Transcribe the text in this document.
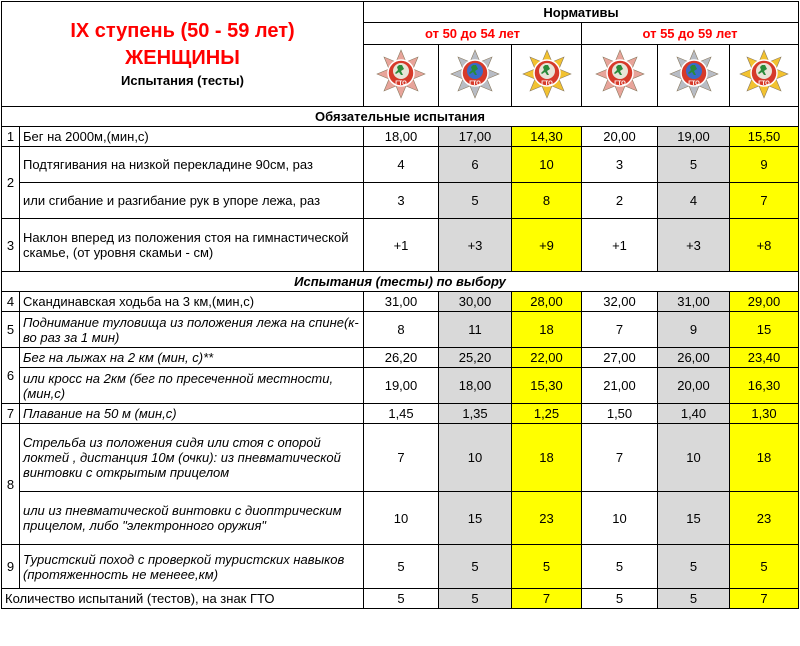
IX ступень (50 - 59 лет)
ЖЕНЩИНЫ
Испытания (тесты)		Нормативы					
		от 50 до 54 лет			от 55 до 59 лет		

ГТО	ГТО	ГТО	ГТО	ГТО	ГТО

Обязательные испытания							
1	Бег на 2000м,(мин,с)	18,00	17,00	14,30	20,00	19,00	15,50
2	Подтягивания на низкой перекладине 90см, раз	4	6	10	3	5	9
	или сгибание и разгибание рук в упоре лежа, раз	3	5	8	2	4	7
3	Наклон вперед из положения стоя на гимнастической скамье, (от уровня скамьи - см)	+1	+3	+9	+1	+3	+8
Испытания (тесты) по выбору							
4	Скандинавская ходьба на 3 км,(мин,с)	31,00	30,00	28,00	32,00	31,00	29,00
5	Поднимание туловища из положения лежа на спине(к-во раз за 1 мин)	8	11	18	7	9	15
6	Бег на лыжах на 2 км (мин, с)**	26,20	25,20	22,00	27,00	26,00	23,40
	или кросс на 2км (бег по пресеченной местности, (мин,с)	19,00	18,00	15,30	21,00	20,00	16,30
7	Плавание на 50 м (мин,с)	1,45	1,35	1,25	1,50	1,40	1,30
8	Стрельба из положения сидя или стоя с опорой локтей , дистанция 10м (очки): из пневматической винтовки с открытым прицелом	7	10	18	7	10	18
	или из пневматической винтовки с диоптрическим прицелом, либо "электронного оружия"	10	15	23	10	15	23
9	Туристский поход с проверкой туристских навыков (протяженность не менеее,км)	5	5	5	5	5	5
Количество испытаний (тестов), на знак ГТО		5	5	7	5	5	7
